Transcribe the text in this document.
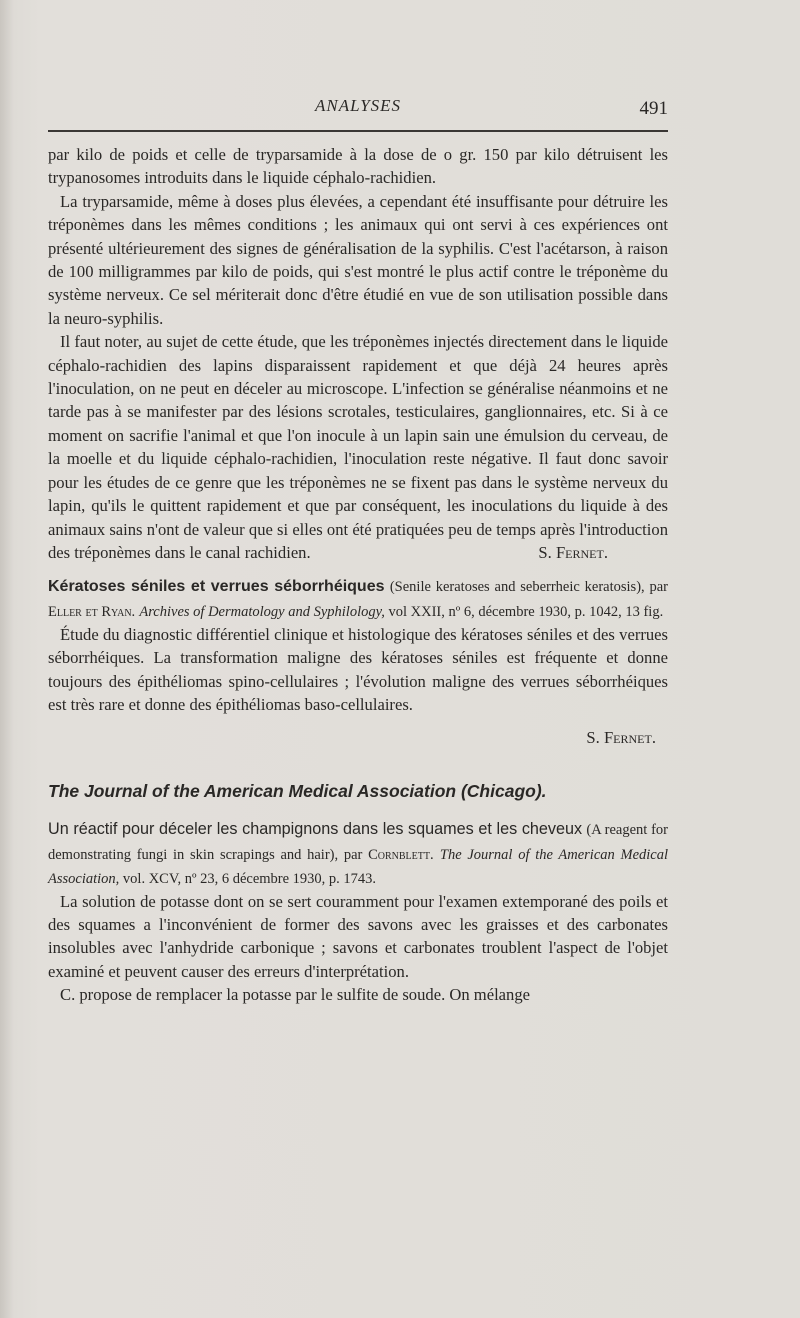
ANALYSES	491

par kilo de poids et celle de tryparsamide à la dose de o gr. 150 par kilo détruisent les trypanosomes introduits dans le liquide céphalo-rachidien.

La tryparsamide, même à doses plus élevées, a cependant été insuffisante pour détruire les tréponèmes dans les mêmes conditions ; les animaux qui ont servi à ces expériences ont présenté ultérieurement des signes de généralisation de la syphilis. C'est l'acétarson, à raison de 100 milligrammes par kilo de poids, qui s'est montré le plus actif contre le tréponème du système nerveux. Ce sel mériterait donc d'être étudié en vue de son utilisation possible dans la neuro-syphilis.

Il faut noter, au sujet de cette étude, que les tréponèmes injectés directement dans le liquide céphalo-rachidien des lapins disparaissent rapidement et que déjà 24 heures après l'inoculation, on ne peut en déceler au microscope. L'infection se généralise néanmoins et ne tarde pas à se manifester par des lésions scrotales, testiculaires, ganglionnaires, etc. Si à ce moment on sacrifie l'animal et que l'on inocule à un lapin sain une émulsion du cerveau, de la moelle et du liquide céphalo-rachidien, l'inoculation reste négative. Il faut donc savoir pour les études de ce genre que les tréponèmes ne se fixent pas dans le système nerveux du lapin, qu'ils le quittent rapidement et que par conséquent, les inoculations du liquide à des animaux sains n'ont de valeur que si elles ont été pratiquées peu de temps après l'introduction des tréponèmes dans le canal rachidien.	S. Fernet.

Kératoses séniles et verrues séborrhéiques (Senile keratoses and seberrheic keratosis), par Eller et Ryan. Archives of Dermatology and Syphilology, vol XXII, nº 6, décembre 1930, p. 1042, 13 fig.

Étude du diagnostic différentiel clinique et histologique des kératoses séniles et des verrues séborrhéiques. La transformation maligne des kératoses séniles est fréquente et donne toujours des épithéliomas spino-cellulaires ; l'évolution maligne des verrues séborrhéiques est très rare et donne des épithéliomas baso-cellulaires.

S. Fernet.

The Journal of the American Medical Association (Chicago).

Un réactif pour déceler les champignons dans les squames et les cheveux (A reagent for demonstrating fungi in skin scrapings and hair), par Cornblett. The Journal of the American Medical Association, vol. XCV, nº 23, 6 décembre 1930, p. 1743.

La solution de potasse dont on se sert couramment pour l'examen extemporané des poils et des squames a l'inconvénient de former des savons avec les graisses et des carbonates insolubles avec l'anhydride carbonique ; savons et carbonates troublent l'aspect de l'objet examiné et peuvent causer des erreurs d'interprétation.

C. propose de remplacer la potasse par le sulfite de soude. On mélange
